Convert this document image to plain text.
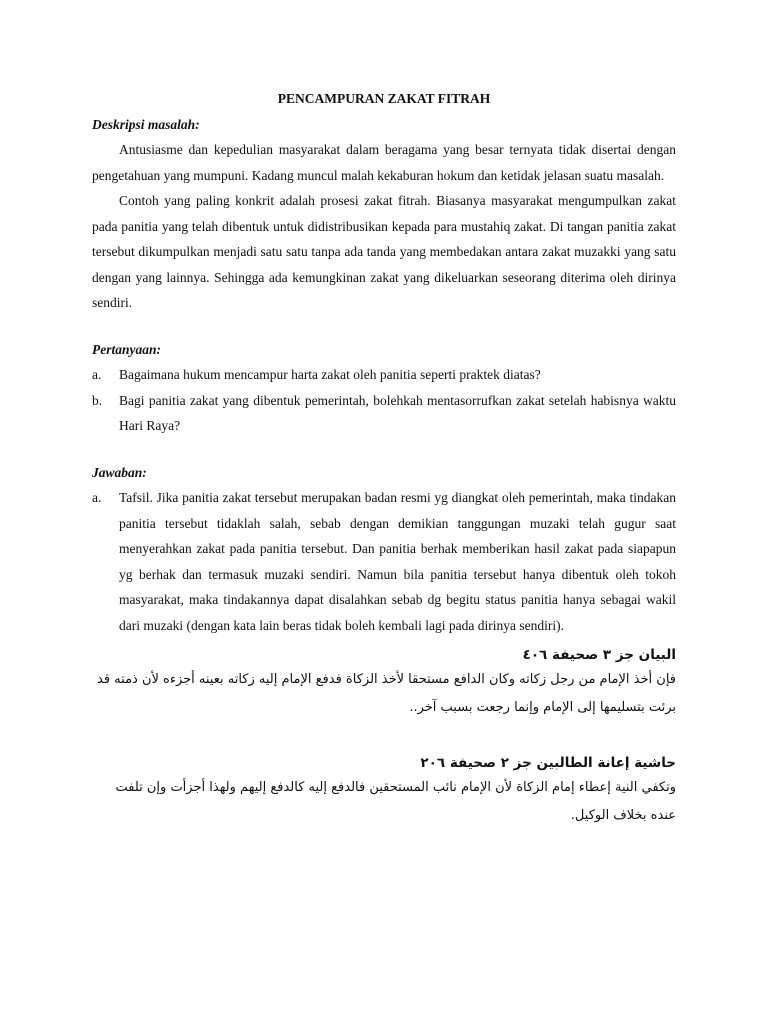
PENCAMPURAN ZAKAT FITRAH
Deskripsi masalah:

Antusiasme dan kepedulian masyarakat dalam beragama yang besar ternyata tidak disertai dengan pengetahuan yang mumpuni. Kadang muncul malah kekaburan hokum dan ketidak jelasan suatu masalah.

Contoh yang paling konkrit adalah prosesi zakat fitrah. Biasanya masyarakat mengumpulkan zakat pada panitia yang telah dibentuk untuk didistribusikan kepada para mustahiq zakat. Di tangan panitia zakat tersebut dikumpulkan menjadi satu satu tanpa ada tanda yang membedakan antara zakat muzakki yang satu dengan yang lainnya. Sehingga ada kemungkinan zakat yang dikeluarkan seseorang diterima oleh dirinya sendiri.

Pertanyaan:
a.	Bagaimana hukum mencampur harta zakat oleh panitia seperti praktek diatas?
b.	Bagi panitia zakat yang dibentuk pemerintah, bolehkah mentasorrufkan zakat setelah habisnya waktu Hari Raya?
Jawaban:
a.	Tafsil. Jika panitia zakat tersebut merupakan badan resmi yg diangkat oleh pemerintah, maka tindakan panitia tersebut tidaklah salah, sebab dengan demikian tanggungan muzaki telah gugur saat menyerahkan zakat pada panitia tersebut. Dan panitia berhak memberikan hasil zakat pada siapapun yg berhak dan termasuk muzaki sendiri. Namun bila panitia tersebut hanya dibentuk oleh tokoh masyarakat, maka tindakannya dapat disalahkan sebab dg begitu status panitia hanya sebagai wakil dari muzaki (dengan kata lain beras tidak boleh kembali lagi pada dirinya sendiri).
البيان جز ٣ صحيفة ٤٠٦
فإن أخذ الإمام من رجل زكاته وكان الدافع مستحقا لأخذ الزكاة فدفع الإمام إليه زكاته بعينه أجزءه لأن ذمته قد برئت بتسليمها إلى الإمام وإنما رجعت بسبب آخر..
حاشية إعانة الطالبين جز ٢ صحيفة ٢٠٦
وتكفي النية إعطاء إمام الزكاة لأن الإمام نائب المستحقين فالدفع إليه كالدفع إليهم ولهذا أجزأت وإن تلفت عنده بخلاف الوكيل.
